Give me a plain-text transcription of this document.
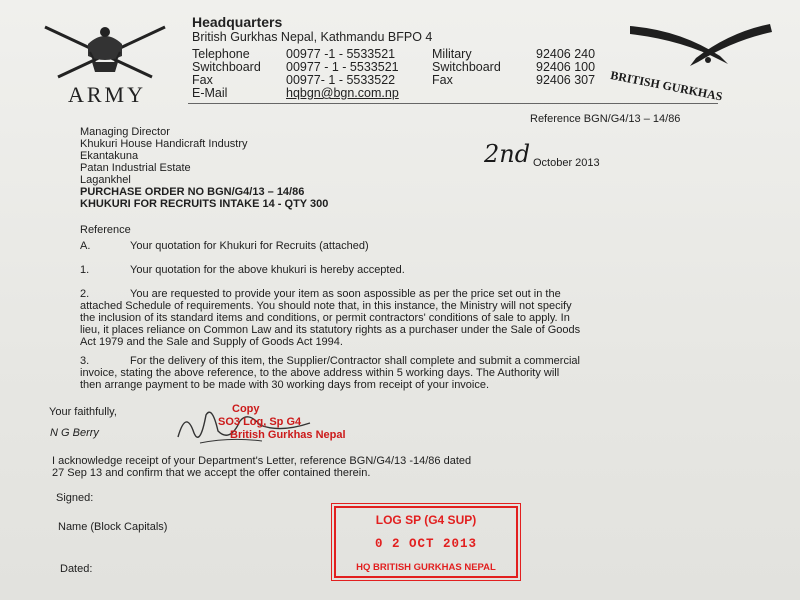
ARMY
Headquarters
British Gurkhas Nepal, Kathmandu BFPO 4
Telephone	00977 -1 - 5533521	Military	92406 240
Switchboard 00977 - 1 - 5533521	Switchboard	92406 100
Fax	00977- 1 - 5533522	Fax	92406 307
E-Mail	hqbgn@bgn.com.np	BRITISH GURKHAS
Reference BGN/G4/13 – 14/86
Managing Director
Khukuri House Handicraft Industry
Ekantakuna
Patan Industrial Estate
Lagankhel
2nd October 2013
PURCHASE ORDER NO BGN/G4/13 – 14/86
KHUKURI FOR RECRUITS INTAKE 14 - QTY 300
Reference
A.	Your quotation for Khukuri for Recruits (attached)
1.	Your quotation for the above khukuri is hereby accepted.
2.	You are requested to provide your item as soon aspossible as per the price set out in the
attached Schedule of requirements. You should note that, in this instance, the Ministry will not specify
the inclusion of its standard items and conditions, or permit contractors' conditions of sale to apply. In
lieu, it places reliance on Common Law and its statutory rights as a purchaser under the Sale of Goods
Act 1979 and the Sale and Supply of Goods Act 1994.
3.	For the delivery of this item, the Supplier/Contractor shall complete and submit a commercial
invoice, stating the above reference, to the above address within 5 working days. The Authority will
then arrange payment to be made with 30 working days from receipt of your invoice.
Your faithfully,
N G Berry
Copy
SO3 Log, Sp G4
British Gurkhas Nepal
I acknowledge receipt of your Department's Letter, reference BGN/G4/13 -14/86 dated
27 Sep 13 and confirm that we accept the offer contained therein.
Signed:
Name (Block Capitals)
Dated:
LOG SP (G4 SUP)
0 2 OCT 2013
HQ BRITISH GURKHAS NEPAL
